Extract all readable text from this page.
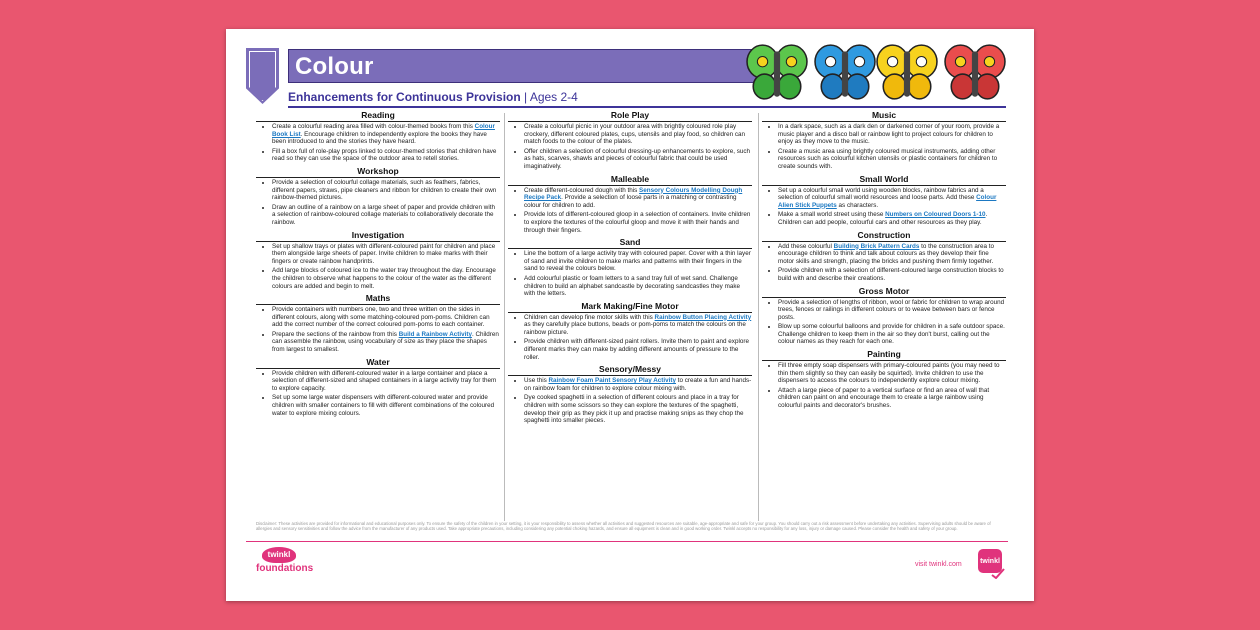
Colour
Enhancements for Continuous Provision | Ages 2-4
Reading
• Create a colourful reading area filled with colour-themed books from this Colour Book List. Encourage children to independently explore the books they have been introduced to and the stories they have heard.
• Fill a box full of role-play props linked to colour-themed stories that children have read so they can use the space of the outdoor area to retell stories.
Workshop
• Provide a selection of colourful collage materials, such as feathers, fabrics, different papers, straws, pipe cleaners and ribbon for children to create their own rainbow-themed pictures.
• Draw an outline of a rainbow on a large sheet of paper and provide children with a selection of rainbow-coloured collage materials to collaboratively decorate the rainbow.
Investigation
• Set up shallow trays or plates with different-coloured paint for children and place them alongside large sheets of paper. Invite children to make marks with their fingers or create rainbow handprints.
• Add large blocks of coloured ice to the water tray throughout the day. Encourage the children to observe what happens to the colour of the water as the different colours are added and begin to melt.
Maths
• Provide containers with numbers one, two and three written on the sides in different colours, along with some matching-coloured pom-poms. Children can add the correct number of the correct coloured pom-poms to each container.
• Prepare the sections of the rainbow from this Build a Rainbow Activity. Children can assemble the rainbow, using vocabulary of size as they place the shapes from largest to smallest.
Water
• Provide children with different-coloured water in a large container and place a selection of different-sized and shaped containers in a large activity tray for them to explore capacity.
• Set up some large water dispensers with different-coloured water and provide children with smaller containers to fill with different combinations of the coloured water to explore mixing colours.
Role Play
• Create a colourful picnic in your outdoor area with brightly coloured role play crockery, different coloured plates, cups, utensils and play food, so children can match foods to the colour of the plates.
• Offer children a selection of colourful dressing-up enhancements to explore, such as hats, scarves, shawls and pieces of colourful fabric that could be used imaginatively.
Malleable
• Create different-coloured dough with this Sensory Colours Modelling Dough Recipe Pack. Provide a selection of loose parts in a matching or contrasting colour for children to add.
• Provide lots of different-coloured gloop in a selection of containers. Invite children to explore the textures of the colourful gloop and move it with their hands and through their fingers.
Sand
• Line the bottom of a large activity tray with coloured paper. Cover with a thin layer of sand and invite children to make marks and patterns with their fingers in the sand to reveal the colours below.
• Add colourful plastic or foam letters to a sand tray full of wet sand. Challenge children to build an alphabet sandcastle by decorating sandcastles they make with the letters.
Mark Making/Fine Motor
• Children can develop fine motor skills with this Rainbow Button Placing Activity as they carefully place buttons, beads or pom-poms to match the colours on the rainbow picture.
• Provide children with different-sized paint rollers. Invite them to paint and explore different marks they can make by adding different amounts of pressure to the roller.
Sensory/Messy
• Use this Rainbow Foam Paint Sensory Play Activity to create a fun and hands-on rainbow foam for children to explore colour mixing with.
• Dye cooked spaghetti in a selection of different colours and place in a tray for children with some scissors so they can explore the textures of the spaghetti, develop their grip as they pick it up and practise making snips as they chop the spaghetti into smaller pieces.
Music
• In a dark space, such as a dark den or darkened corner of your room, provide a music player and a disco ball or rainbow light to project colours for children to enjoy as they move to the music.
• Create a music area using brightly coloured musical instruments, adding other resources such as colourful kitchen utensils or plastic containers for children to create sounds with.
Small World
• Set up a colourful small world using wooden blocks, rainbow fabrics and a selection of colourful small world resources and loose parts. Add these Colour Alien Stick Puppets as characters.
• Make a small world street using these Numbers on Coloured Doors 1-10. Children can add people, colourful cars and other resources as they play.
Construction
• Add these colourful Building Brick Pattern Cards to the construction area to encourage children to think and talk about colours as they develop their fine motor skills and strength, placing the bricks and pushing them firmly together.
• Provide children with a selection of different-coloured large construction blocks to build with and describe their creations.
Gross Motor
• Provide a selection of lengths of ribbon, wool or fabric for children to wrap around trees, fences or railings in different colours or to weave between bars or fence posts.
• Blow up some colourful balloons and provide for children in a safe outdoor space. Challenge children to keep them in the air so they don't burst, calling out the colour names as they reach for each one.
Painting
• Fill three empty soap dispensers with primary-coloured paints (you may need to thin them slightly so they can easily be squirted). Invite children to use the dispensers to access the colours to independently explore colour mixing.
• Attach a large piece of paper to a vertical surface or find an area of wall that children can paint on and encourage them to create a large rainbow using colourful paints and decorator's brushes.
Disclaimer: These activities are provided for informational and educational purposes only. To ensure the safety of the children in your setting, it is your responsibility to assess whether all activities and suggested resources are suitable, age-appropriate and safe for your group. You should carry out a risk assessment before undertaking any activities. Supervising adults should be aware of allergies and sensory sensitivities and follow the advice from the manufacturer of any products used. Take appropriate precautions, including considering any potential choking hazards, and ensure all equipment is clean and in good working order. Twinkl accepts no responsibility for any loss, injury or damage caused. Please consider the health and safety of your group.
twinkl
foundations	visit twinkl.com	twinkl
